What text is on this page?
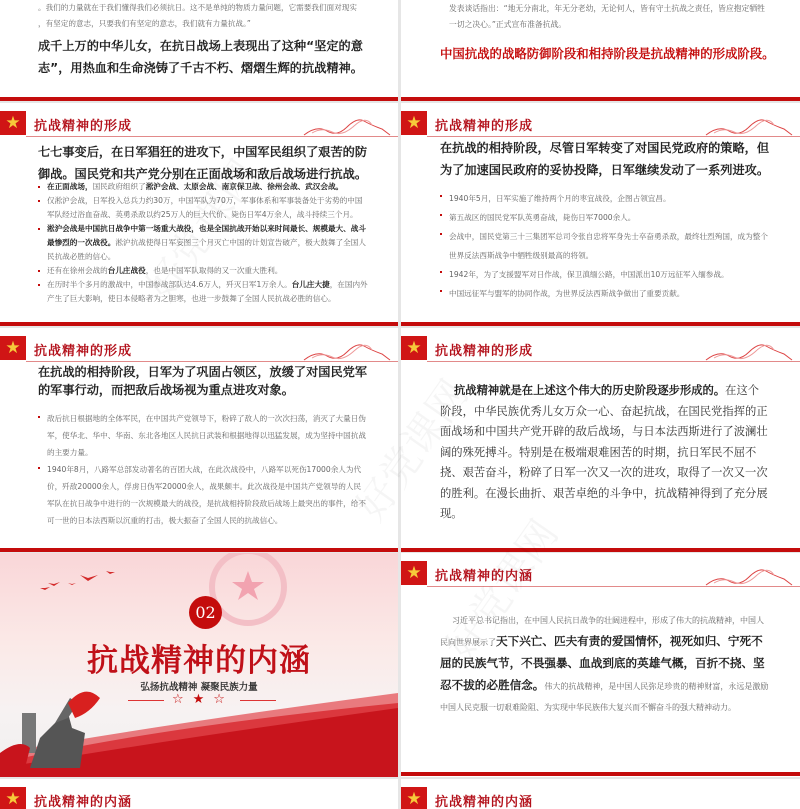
。我们的力量就在于我们懂得我们必须抗日。这不是单纯的物质力量问题，它需要我们面对现实
，有坚定的意志，只要我们有坚定的意志，我们就有力量抗战。”
成千上万的中华儿女，在抗日战场上表现出了这种“坚定的意志”，用热血和生命浇铸了千古不朽、熠熠生辉的抗战精神。
发表谈话指出：“地无分南北，年无分老幼，无论何人，皆有守土抗战之责任，皆应抱定牺牲
一切之决心。”正式宣布准备抗战。
中国抗战的战略防御阶段和相持阶段是抗战精神的形成阶段。
★	抗战精神的形成
七七事变后，在日军猖狂的进攻下，中国军民组织了艰苦的防御战。国民党和共产党分别在正面战场和敌后战场进行抗战。
在正面战场，国民政府组织了淞沪会战、太原会战、南京保卫战、徐州会战、武汉会战。
仅淞沪会战，日军投入总兵力约30万，中国军队为70万，军事体系和军事装备处于劣势的中国军队经过浴血奋战、英勇杀敌以约25万人的巨大代价、毙伤日军4万余人，战斗持续三个月。
淞沪会战是中国抗日战争中第一场重大战役，也是全国抗战开始以来时间最长、规模最大、战斗最惨烈的一次战役。淞沪抗战使得日军妄图三个月灭亡中国的计划宣告破产，极大鼓舞了全国人民抗战必胜的信心。
还有在徐州会战的台儿庄战役，也是中国军队取得的又一次重大胜利。
在历时半个多月的激战中，中国参战部队达4.6万人，歼灭日军1万余人。台儿庄大捷，在国内外产生了巨大影响，使日本侵略者为之胆寒，也进一步鼓舞了全国人民抗战必胜的信心。
★	抗战精神的形成
在抗战的相持阶段，尽管日军转变了对国民党政府的策略，但为了加速国民政府的妥协投降，日军继续发动了一系列进攻。
1940年5月，日军实施了维持两个月的枣宜战役，企图占领宜昌。
第五战区的国民党军队英勇奋战，毙伤日军7000余人。
会战中，国民党第三十三集团军总司令张自忠将军身先士卒奋勇杀敌，最终壮烈殉国，成为整个世界反法西斯战争中牺牲级别最高的将领。
1942年，为了支援盟军对日作战，保卫滇缅公路，中国派出10万远征军入缅参战。
中国远征军与盟军的协同作战，为世界反法西斯战争做出了重要贡献。
★	抗战精神的形成
在抗战的相持阶段，日军为了巩固占领区，放缓了对国民党军的军事行动，而把敌后战场视为重点进攻对象。
敌后抗日根据地的全体军民，在中国共产党领导下，粉碎了敌人的一次次扫荡，消灭了大量日伪军，使华北、华中、华南、东北各地区人民抗日武装和根据地得以迅猛发展，成为坚持中国抗战的主要力量。
1940年8月，八路军总部发动著名的百团大战，在此次战役中，八路军以死伤17000余人为代价，歼敌20000余人，俘虏日伪军20000余人，战果颇丰。此次战役是中国共产党领导的人民军队在抗日战争中进行的一次规模最大的战役，是抗战相持阶段敌后战场上最突出的事件，给不可一世的日本法西斯以沉重的打击，极大振奋了全国人民的抗战信心。
★	抗战精神的形成
抗战精神就是在上述这个伟大的历史阶段逐步形成的。在这个阶段，中华民族优秀儿女万众一心、奋起抗战，在国民党指挥的正面战场和中国共产党开辟的敌后战场，与日本法西斯进行了波澜壮阔的殊死搏斗。特别是在极端艰难困苦的时期，抗日军民不屈不挠、艰苦奋斗，粉碎了日军一次又一次的进攻，取得了一次又一次的胜利。在漫长曲折、艰苦卓绝的斗争中，抗战精神得到了充分展现。
02
抗战精神的内涵
弘扬抗战精神 凝聚民族力量
☆★☆
★	抗战精神的内涵
习近平总书记指出，在中国人民抗日战争的壮阔进程中，形成了伟大的抗战精神，中国人民向世界展示了天下兴亡、匹夫有责的爱国情怀，视死如归、宁死不屈的民族气节，不畏强暴、血战到底的英雄气概，百折不挠、坚忍不拔的必胜信念。伟大的抗战精神，是中国人民弥足珍贵的精神财富，永远是激励中国人民克服一切艰难险阻、为实现中华民族伟大复兴而不懈奋斗的强大精神动力。
★	抗战精神的内涵	★	抗战精神的内涵
